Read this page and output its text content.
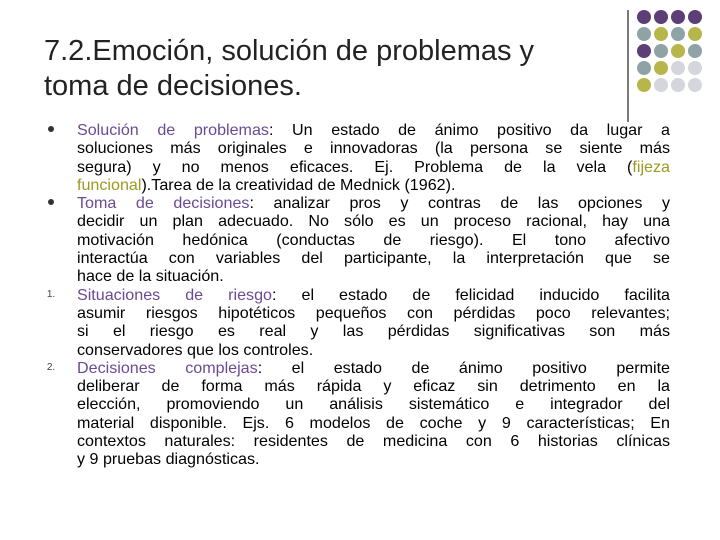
7.2.Emoción, solución de problemas y
toma de decisiones.
Solución de problemas: Un estado de ánimo positivo da lugar a
soluciones más originales e innovadoras (la persona se siente más
segura) y no menos eficaces. Ej. Problema de la vela (fijeza
funcional).Tarea de la creatividad de Mednick (1962).
Toma de decisiones: analizar pros y contras de las opciones y
decidir un plan adecuado. No sólo es un proceso racional, hay una
motivación hedónica (conductas de riesgo). El tono afectivo
interactúa con variables del participante, la interpretación que se
hace de la situación.
1. Situaciones de riesgo: el estado de felicidad inducido facilita
asumir riesgos hipotéticos pequeños con pérdidas poco relevantes;
si el riesgo es real y las pérdidas significativas son más
conservadores que los controles.
2. Decisiones complejas: el estado de ánimo positivo permite
deliberar de forma más rápida y eficaz sin detrimento en la
elección, promoviendo un análisis sistemático e integrador del
material disponible. Ejs. 6 modelos de coche y 9 características; En
contextos naturales: residentes de medicina con 6 historias clínicas
y 9 pruebas diagnósticas.
